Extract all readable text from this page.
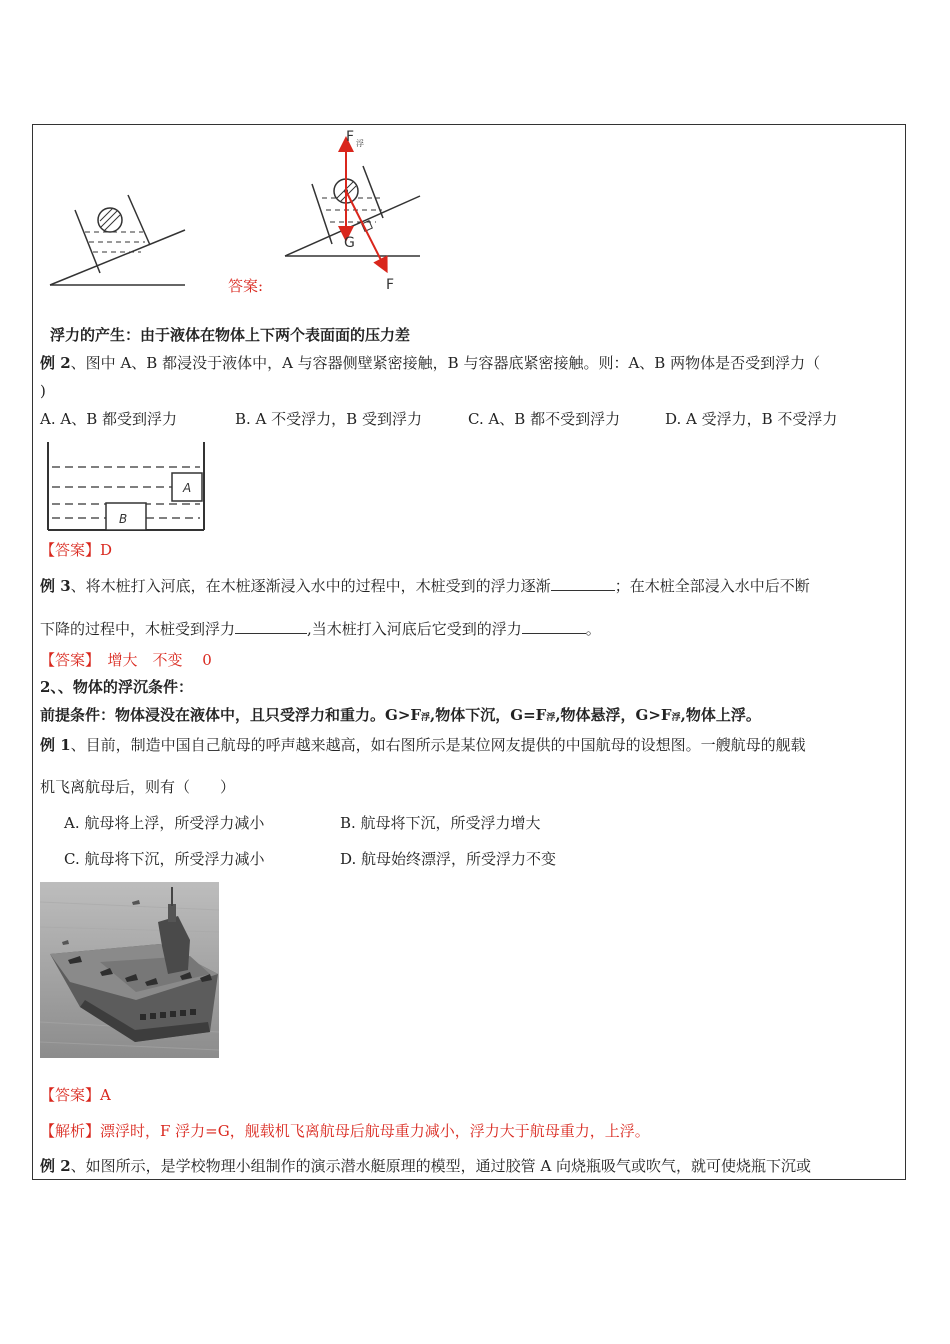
答案:
F 浮
G
F
浮力的产生：由于液体在物体上下两个表面面的压力差
例 2、图中 A、B 都浸没于液体中，A 与容器侧壁紧密接触，B 与容器底紧密接触。则：A、B 两物体是否受到浮力（
)
A. A、B 都受到浮力	B. A 不受浮力，B 受到浮力	C. A、B 都不受到浮力	D. A 受浮力，B 不受浮力
A
B
【答案】D
例 3、将木桩打入河底，在木桩逐渐浸入水中的过程中，木桩受到的浮力逐渐	；在木桩全部浸入水中后不断
下降的过程中，木桩受到浮力	,当木桩打入河底后它受到的浮力	。
【答案】　 增大　不变　 0
2、、物体的浮沉条件：
前提条件：物体浸没在液体中，且只受浮力和重力。G>F浮,物体下沉，G=F浮,物体悬浮，G>F浮,物体上浮。
例 1、目前，制造中国自己航母的呼声越来越高，如右图所示是某位网友提供的中国航母的设想图。一艘航母的舰载
机飞离航母后，则有（　　）
A. 航母将上浮，所受浮力减小	B. 航母将下沉，所受浮力增大
C. 航母将下沉，所受浮力减小	D. 航母始终漂浮，所受浮力不变
【答案】A
【解析】漂浮时，F 浮力=G，舰载机飞离航母后航母重力减小，浮力大于航母重力，上浮。
例 2、如图所示，是学校物理小组制作的演示潜水艇原理的模型，通过胶管 A 向烧瓶吸气或吹气，就可使烧瓶下沉或
